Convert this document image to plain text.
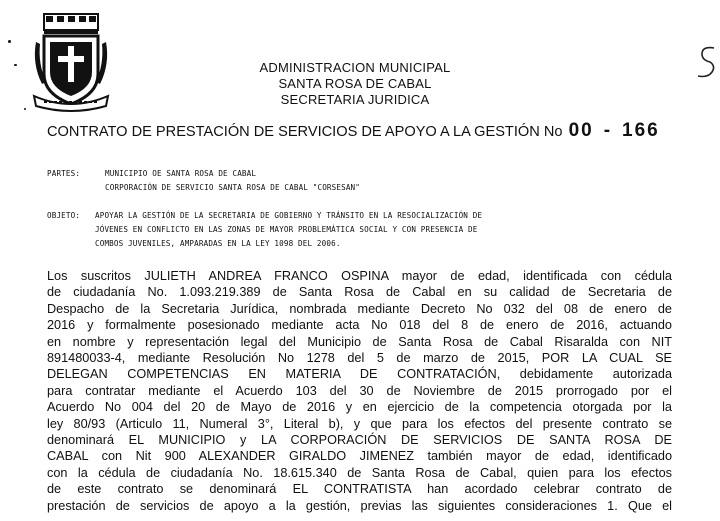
ADMINISTRACION MUNICIPAL
SANTA ROSA DE CABAL
SECRETARIA JURIDICA
CONTRATO DE PRESTACIÓN DE SERVICIOS DE APOYO A LA GESTIÓN No 00 - 166
PARTES:	MUNICIPIO OE SANTA ROSA DE CABAL
CORPORACIÓN DE SERVICIO SANTA ROSA DE CABAL "CORSESAN"
OBJETO: APOYAR LA GESTIÓN DE LA SECRETARIA DE GOBIERNO Y TRÁNSITO EN LA RESOCIALIZACIÓN DE
JÓVENES EN CONFLICTO EN LAS ZONAS DE MAYOR PROBLEMÁTICA SOCIAL Y CON PRESENCIA DE
COMBOS JUVENILES, AMPARADAS EN LA LEY 1098 DEL 2006.
Los suscritos JULIETH ANDREA FRANCO OSPINA mayor de edad, identificada con cédula
de ciudadanía No. 1.093.219.389 de Santa Rosa de Cabal en su calidad de Secretaria de
Despacho de la Secretaria Jurídica, nombrada mediante Decreto No 032 del 08 de enero de
2016 y formalmente posesionado mediante acta No 018 del 8 de enero de 2016, actuando
en nombre y representación legal del Municipio de Santa Rosa de Cabal Risaralda con NIT
891480033-4, mediante Resolución No 1278 del 5 de marzo de 2015, POR LA CUAL SE
DELEGAN COMPETENCIAS EN MATERIA DE CONTRATACIÓN, debidamente autorizada
para contratar mediante el Acuerdo 103 del 30 de Noviembre de 2015 prorrogado por el
Acuerdo No 004 del 20 de Mayo de 2016 y en ejercicio de la competencia otorgada por la
ley 80/93 (Articulo 11, Numeral 3°, Literal b), y que para los efectos del presente contrato se
denominará EL MUNICIPIO y LA CORPORACIÓN DE SERVICIOS DE SANTA ROSA DE
CABAL con Nit 900 ALEXANDER GIRALDO JIMENEZ también mayor de edad, identificado
con la cédula de ciudadanía No. 18.615.340 de Santa Rosa de Cabal, quien para los efectos
de este contrato se denominará EL CONTRATISTA han acordado celebrar contrato de
prestación de servicios de apoyo a la gestión, previas las siguientes consideraciones 1. Que el
